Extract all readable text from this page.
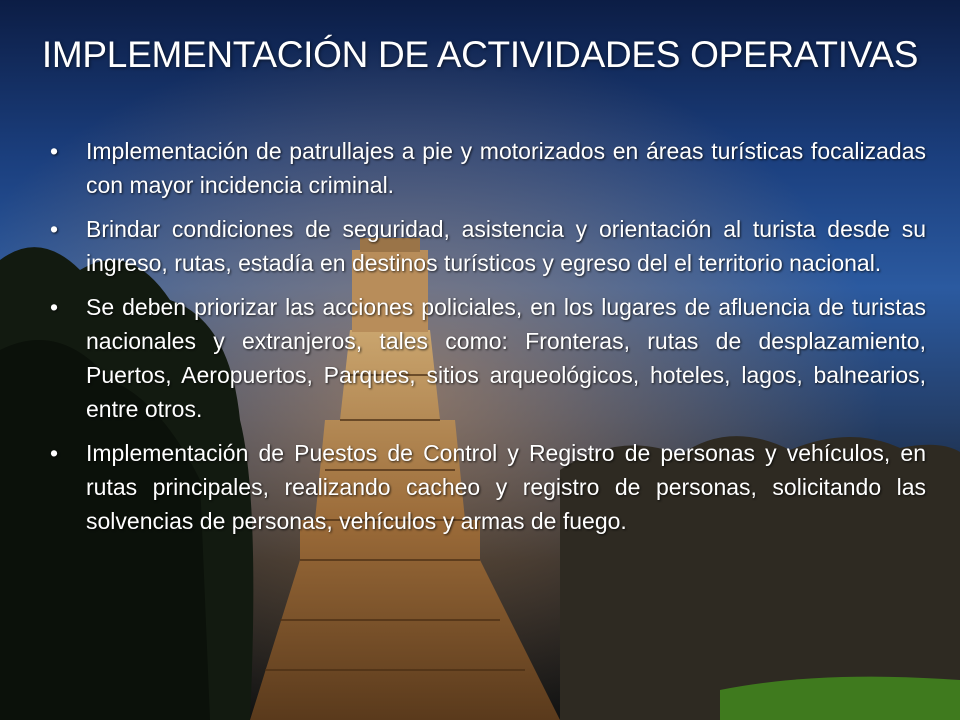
IMPLEMENTACIÓN DE ACTIVIDADES OPERATIVAS
•	Implementación de patrullajes a pie y motorizados en áreas turísticas focalizadas con mayor incidencia criminal.
•	Brindar condiciones de seguridad, asistencia y orientación al turista desde su ingreso, rutas, estadía en destinos turísticos y egreso del el territorio nacional.
•	Se deben priorizar las acciones policiales, en los lugares de afluencia de turistas nacionales y extranjeros, tales como: Fronteras, rutas de desplazamiento, Puertos, Aeropuertos, Parques, sitios arqueológicos, hoteles, lagos, balnearios, entre otros.
•	Implementación de Puestos de Control y Registro de personas y vehículos, en rutas principales, realizando cacheo y registro de personas, solicitando las solvencias de personas, vehículos y armas de fuego.
